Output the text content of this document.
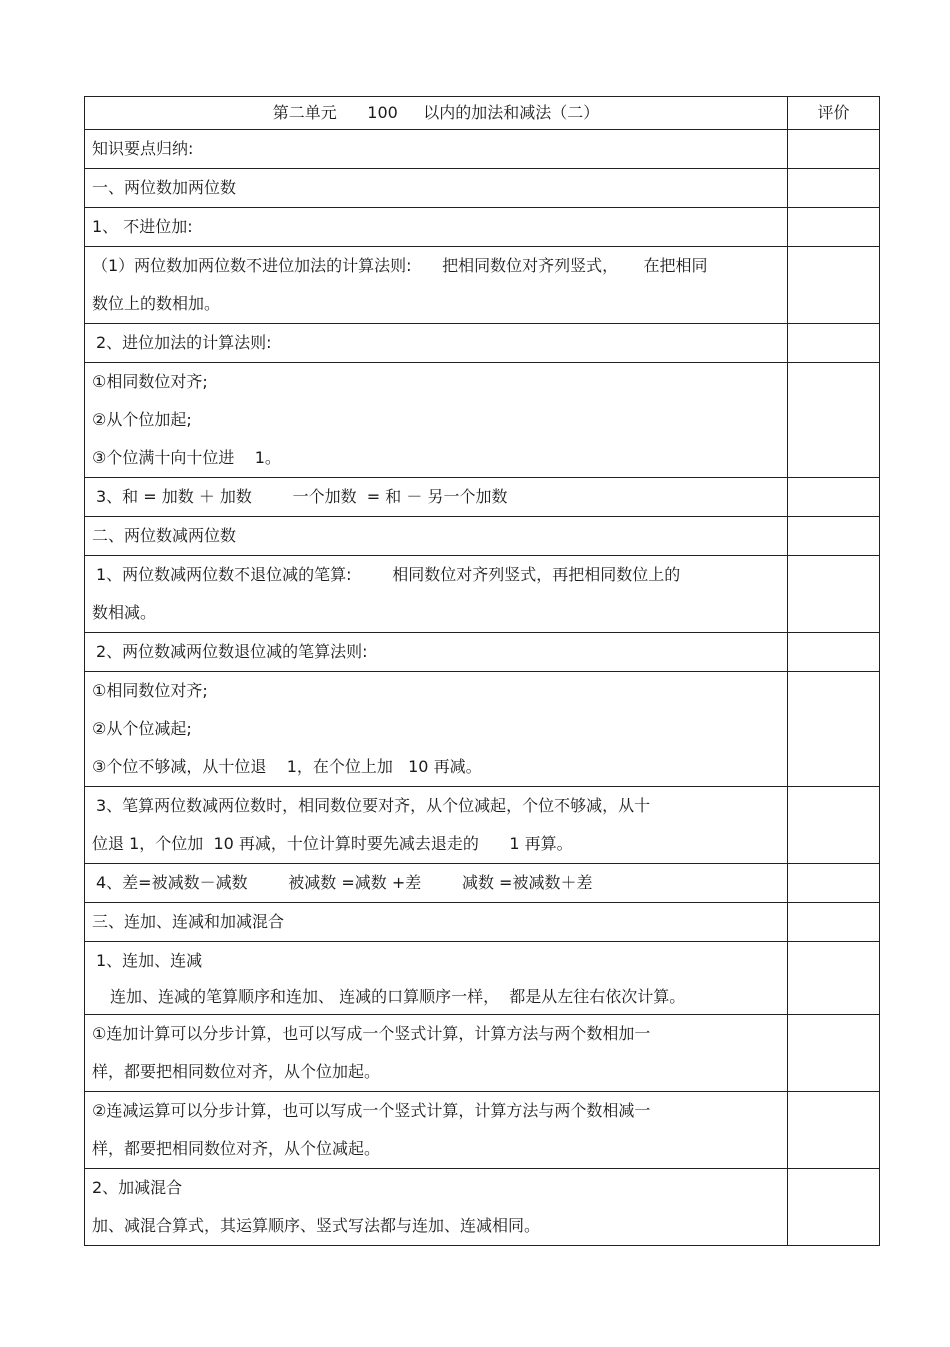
第二单元      100     以内的加法和减法（二）	评价
知识要点归纳:	
一、两位数加两位数	
1、 不进位加:	

（1）两位数加两位数不进位加法的计算法则:      把相同数位对齐列竖式，     在把相同
数位上的数相加。	

2、进位加法的计算法则:	

①相同数位对齐;
②从个位加起;
③个位满十向十位进    1。	

3、和 = 加数 ＋ 加数        一个加数  = 和 － 另一个加数	
二、两位数减两位数	

1、两位数减两位数不退位减的笔算:        相同数位对齐列竖式，再把相同数位上的
数相减。	

2、两位数减两位数退位减的笔算法则:	

①相同数位对齐;
②从个位减起;
③个位不够减，从十位退    1，在个位上加   10 再减。	

3、笔算两位数减两位数时，相同数位要对齐，从个位减起，个位不够减，从十
位退 1，个位加  10 再减，十位计算时要先减去退走的      1 再算。	

4、差=被减数－减数        被减数 =减数 +差        减数 =被减数＋差	
三、连加、连减和加减混合	

1、连加、连减
连加、连减的笔算顺序和连加、 连减的口算顺序一样，  都是从左往右依次计算。	

①连加计算可以分步计算，也可以写成一个竖式计算，计算方法与两个数相加一
样，都要把相同数位对齐，从个位加起。	

②连减运算可以分步计算，也可以写成一个竖式计算，计算方法与两个数相减一
样，都要把相同数位对齐，从个位减起。	

2、加减混合
加、减混合算式，其运算顺序、竖式写法都与连加、连减相同。	
